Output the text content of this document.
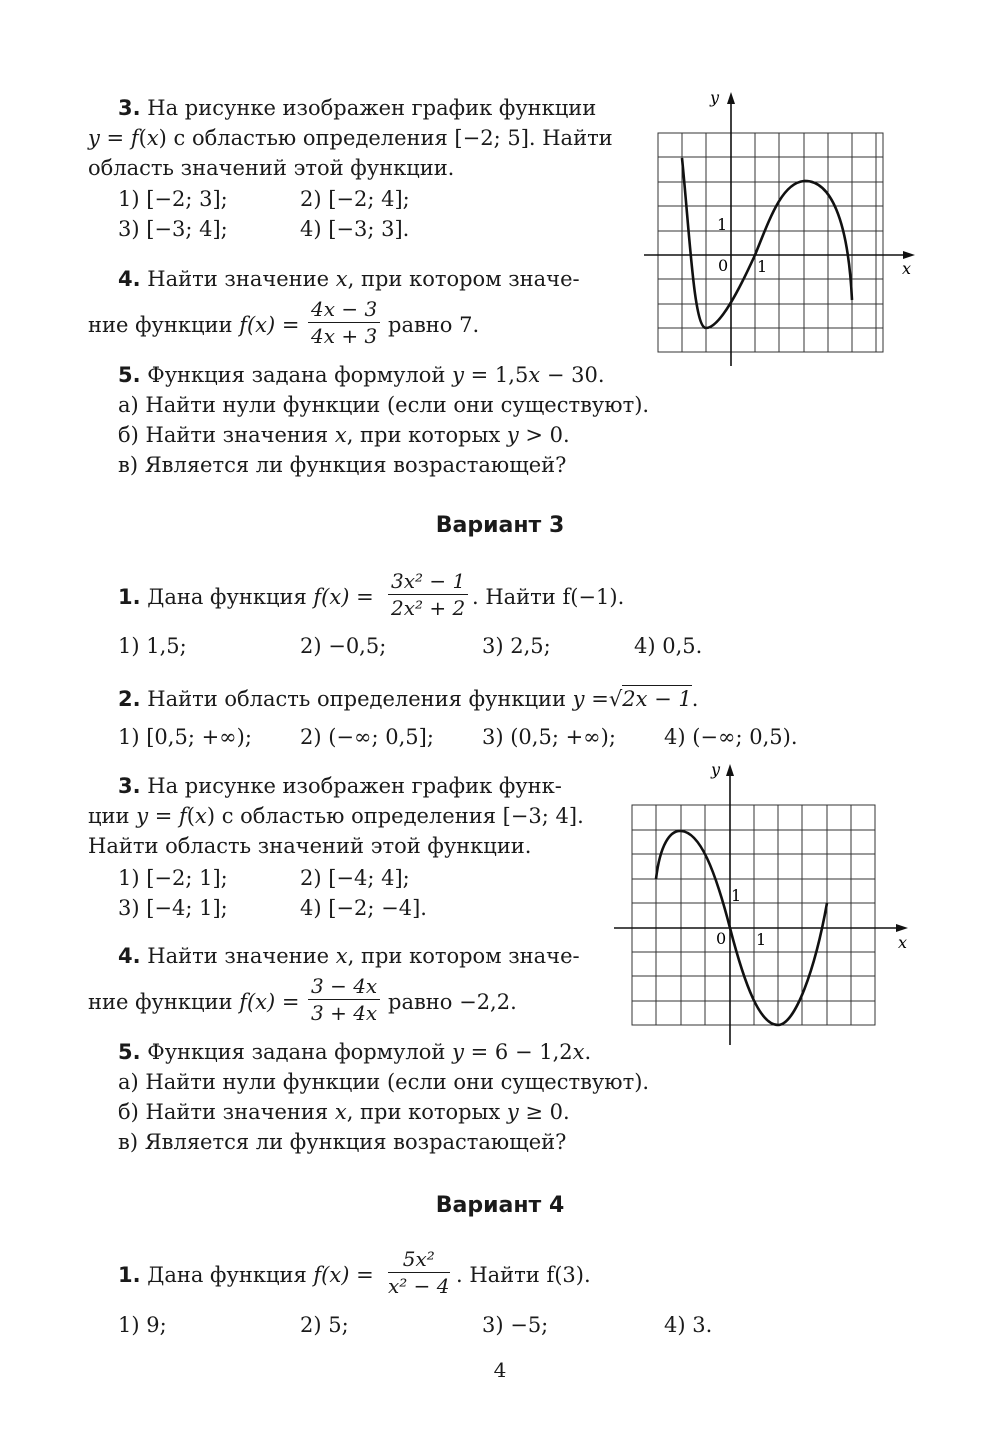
3. На рисунке изображен график функции
y = f(x) с областью определения [−2; 5]. Найти
область значений этой функции.
1) [−2; 3];	2) [−2; 4];
3) [−3; 4];	4) [−3; 3].
4. Найти значение x, при котором значе-
ние функции $f(x) = \frac{4x - 3}{4x + 3}$ равно 7.
5. Функция задана формулой y = 1,5x − 30.
а) Найти нули функции (если они существуют).
б) Найти значения x, при которых y > 0.
в) Является ли функция возрастающей?
x
y
0 1
1
Вариант 3
1. Дана функция $f(x) = \frac{\text{3x² − 1}}{\text{2x² + 2}}$ . Найти f(−1).
1) 1,5;	2) −0,5;	3) 2,5;	4) 0,5.
2. Найти область определения функции y =√2x − 1.
1) [0,5; +∞); 2) (−∞; 0,5]; 3) (0,5; +∞); 4) (−∞; 0,5).
3. На рисунке изображен график функ-
ции y = f(x) с областью определения [−3; 4].
Найти область значений этой функции.
1) [−2; 1];	2) [−4; 4];
3) [−4; 1];	4) [−2; −4].
4. Найти значение x, при котором значе-
ние функции $f(x) = \frac{3 - 4x}{3 + 4x}$ равно −2,2.
5. Функция задана формулой y = 6 − 1,2x.
а) Найти нули функции (если они существуют).
б) Найти значения x, при которых y ≥ 0.
в) Является ли функция возрастающей?
x
y
0 1
1
Вариант 4
1. Дана функция $f(x) = \frac{\text{5x²}}{\text{x² − 4}}$ . Найти f(3).
1) 9;	2) 5;	3) −5;	4) 3.
4
